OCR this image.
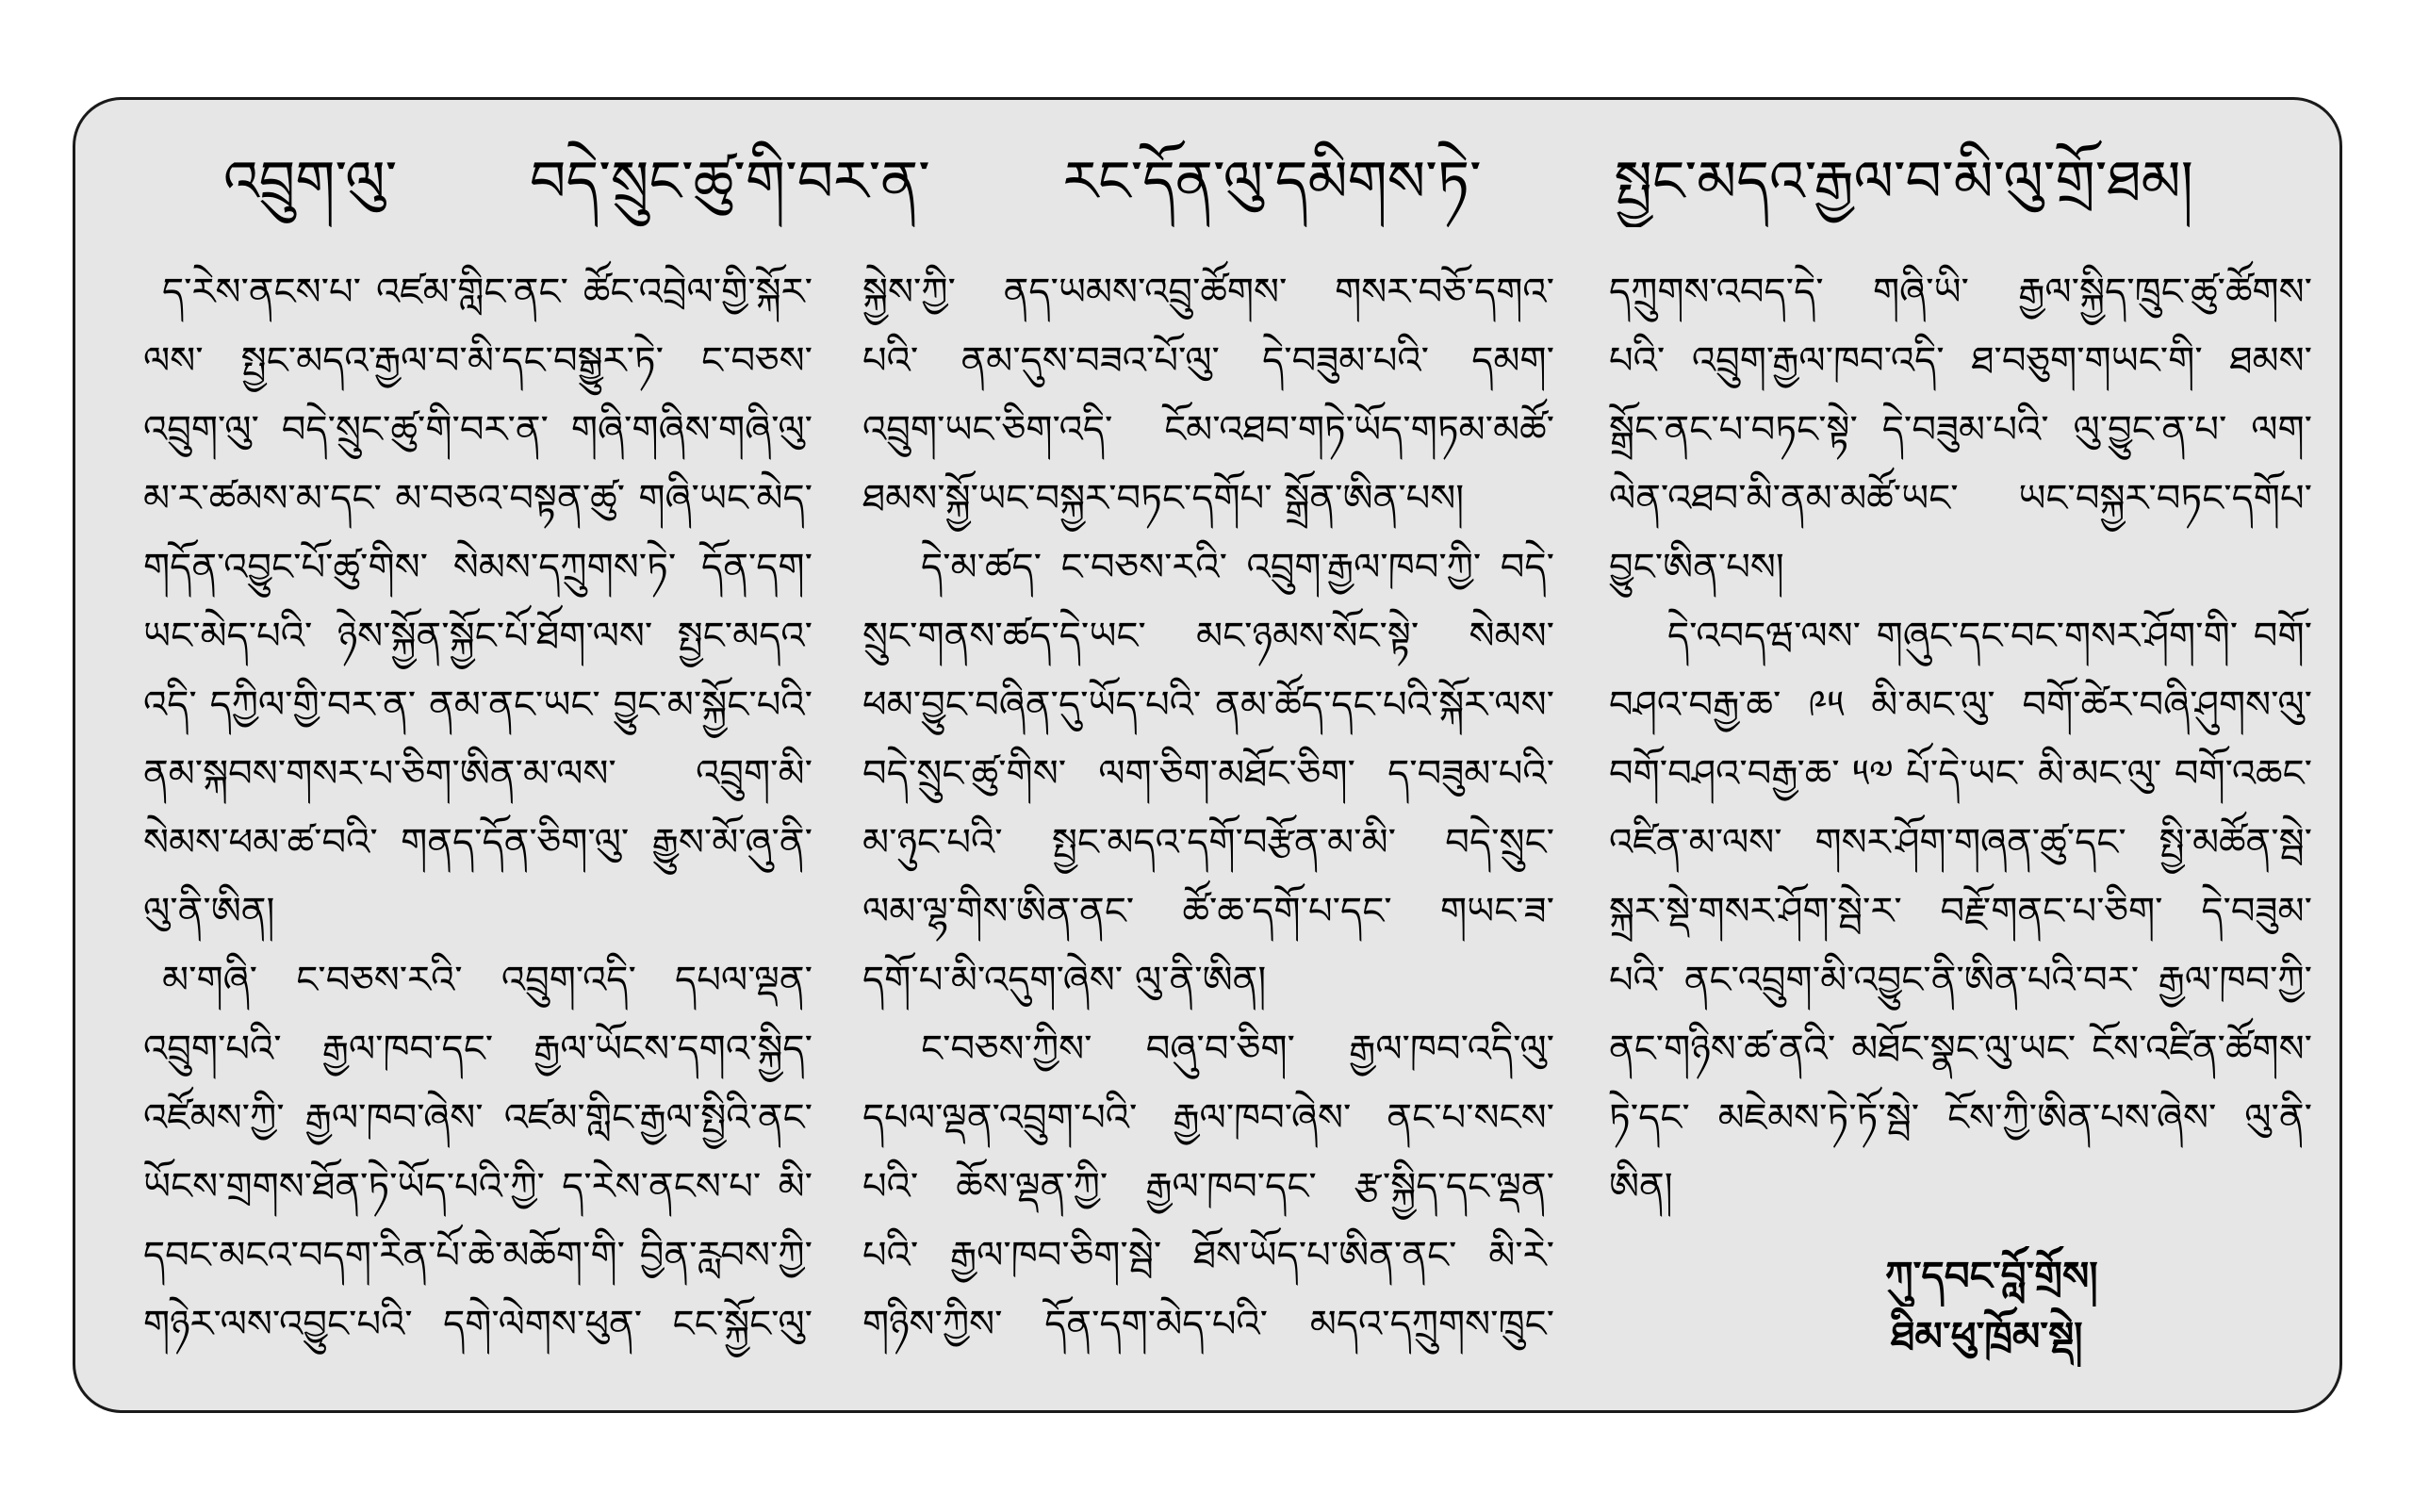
འབྲུག་ལུ་ བདེ་སྲུང་ཚུ་གི་བར་ན་ རང་དོན་ལུ་དམིགས་ཏེ་ སྤྱང་མདའ་རྒྱལ་བ་མི་ལུ་གྲོ་ཐམ།
ད་རེས་ནངས་པ་ འཛམ་གླིང་ནང་ ཚོང་འབྲེལ་གྱི་སྐོར་
ལས་ སྤྱང་མདའ་རྒྱལ་བ་མི་དང་བསྒྱུར་ཏེ་ ང་བཅས་
འབྲུག་ལུ་ བདེ་སྲུང་ཚུ་གི་བར་ན་ གཞི་གཞིས་གཞི་ལུ་
མ་ར་ཚམས་མ་དང་ མ་བཅའ་བསྟན་ཚུ་ གཞི་ཡང་མེད་
གདོན་འབྱུང་པོ་ཚུ་གིས་ སེམས་དཀྲུགས་ཏེ་ དོན་དག་
ཡང་མེད་པའི་ ཉེས་སྐྱོན་སྐྱོང་པོ་ཐོག་ལས་ སྤྱང་མདའ་
འདི་ དཀྱིལ་གྱི་བར་ན་ ནམ་ནང་ཡང་ བྱུང་མ་སྐྱོང་པའི་
ནམ་སྐབས་གསར་པ་ཅིག་ཨིན་མ་ལས་ འབྲུག་མི་
སེམས་ཕམ་ཚ་བའི་ གནད་དོན་ཅིག་ལུ་ རྒྱུས་མོ་ཞུ་ནི་
ལུ་ནི་ཨིན།
མ་གཞི་ ང་བཅས་རའི་ འབྲུག་འདི་ དཔལ་ལྡན་
འབྲུག་པའི་ རྒྱལ་ཁབ་དང་ རྒྱལ་ཡོངས་དགའ་སྐྱིད་
འཛོམས་ཀྱི་ རྒྱལ་ཁབ་ཞེས་ འཛམ་གླིང་རྒྱལ་སྤྱིའི་ནང་
ཡོངས་གྲགས་ཐོན་ཏེ་ཡོད་པའི་ཀྱི་ ད་རེས་ནངས་པ་ མི་
དབང་མངའ་བདག་རིན་པོ་ཆེ་མཆོག་གི་ བྱིན་རླབས་ཀྱི་
གཉེར་ལས་འབྱུང་པའི་ དགེ་ལེགས་ཕུན་ ངང་སྐྱོང་ལུ་
སྐྱེས་ཀྱི་ ནད་ཡམས་འབྲུ་ཚོགས་ གསར་བཅོ་དགའ་
པའི་ ནམ་དུས་བཟའ་པོ་ལུ་ དེ་བཟུམ་པའི་ དམག་
འབྲུག་ཡང་ཅིག་འདི་ ངོམ་འཐབ་གཏེ་ཡོད་གཏམ་མཚོ་
ཐམས་སྐྱོ་ཡང་བསྐྱར་བཏང་དགོཔ་ སྒྲོན་ཨིན་པས།
དེ་མ་ཚད་ ང་བཅས་རའི་ འབྲུག་རྒྱལ་ཁབ་ཀྱི་ བདེ་
སྲུང་གནས་ཚད་དེ་ཡང་ མང་ཉམས་སོང་སྟེ་ སེམས་
ཕམ་བྱུང་བཞིན་དུ་ཡོད་པའི་ ནམ་ཚོད་དང་པའི་སྐོར་ལས་
བདེ་སྲུང་ཚུ་གིས་ ལག་ཅིག་མཐོང་ཅིག་ ད་བཟུམ་པའི་
མ་ཉུང་པའི་ སྤྱང་མདའ་དགོ་བརྩོན་མ་མི་ བདེ་སྲུང་
ལམ་ལྷ་གིས་ཨིན་ནང་ ཚོ་ཆ་དགོ་པ་དང་ གཡང་ཟ་
དགོ་པ་མི་འདུག་ཞེས་ ལུ་ནི་ཨིན།
ང་བཅས་ཀྱིས་ བཞུ་བ་ཅིག་ རྒྱལ་ཁབ་འདི་ལུ་
དཔལ་ལྡན་འབྲུག་པའི་ རྒྱལ་ཁབ་ཞེས་ ནང་པ་སངས་
པའི་ ཆོས་ལྡན་ཀྱི་ རྒྱལ་ཁབ་དང་ རྩ་སྐྱིད་དང་ལྡན་
པའི་ རྒྱལ་ཁབ་ཅིག་སྦེ་ ཐོས་ཡོད་པ་ཨིན་ནང་ མི་རེ་
གཉིས་ཀྱིས་ དོན་དག་མེད་པའི་ མདའ་དཀྲུགས་ཁྲུང་
དཀྲུགས་འབད་དེ་ གཞི་ཡི་ རྒྱལ་སྐྱིད་ཁྲུང་ཚུ་ཚོགས་
པའི་ འབྲུག་རྒྱལ་ཁབ་འདི་ ཐ་བཅུག་གཡང་གི་ ཐམས་
སྒྲོང་ནང་པ་བཏང་སྟེ་ དེ་བཟུམ་པའི་ ལུ་བྱུང་ན་པ་ ལག་
ལེན་འཐབ་མི་ནམ་མཚོ་ཡང་ ཡང་བསྐྱར་བཏང་དགོཔ་
བྱུང་ཨིན་པས།
དེ་འབདཝ་ལས་ གཞུང་དང་བང་གསར་ཤོག་གི་ བགོ་
བཤའ་བརྒྱ་ཆ་ ༩༥ མི་མང་ལུ་ བགོ་ཚེར་བཞི་ཤུགས་ལུ་
བགོ་བཤའ་བརྒྱ་ཆ་ ༥༧ པོ་དེ་ཡང་ མི་མང་ལུ་ བགོ་འཆང་
འཛིན་མ་ལས་ གསར་ཤོག་གཞན་ཚུ་དང་ སྤྱི་མཚོན་སྦེ་
སྐྲར་སྡེ་གསར་ཤོག་སྦེ་ར་ བརྗོ་གནང་པ་ཅིག་ དེ་བཟུམ་
པའི་ ནང་འབྲུག་མི་འབྱུང་ནི་ཨིན་པའི་བར་ རྒྱལ་ཁབ་ཀྱི་
ནང་གཉིས་ཚ་ནའི་ མཐོང་སྣང་ལུ་ཡང་ ངོས་འཛིན་ཚོགས་
ཏེ་དང་ མཇེམས་ཏེ་ཏོ་སྦེ་ ངོས་ཀྱི་ཨིན་པས་ཞེས་ ལུ་ནི་
ཨིན།
ཀུ་དབང་བློ་གྲོས།
ཐིམ་ཕུ་ཁྲོམ་སྡེ།
